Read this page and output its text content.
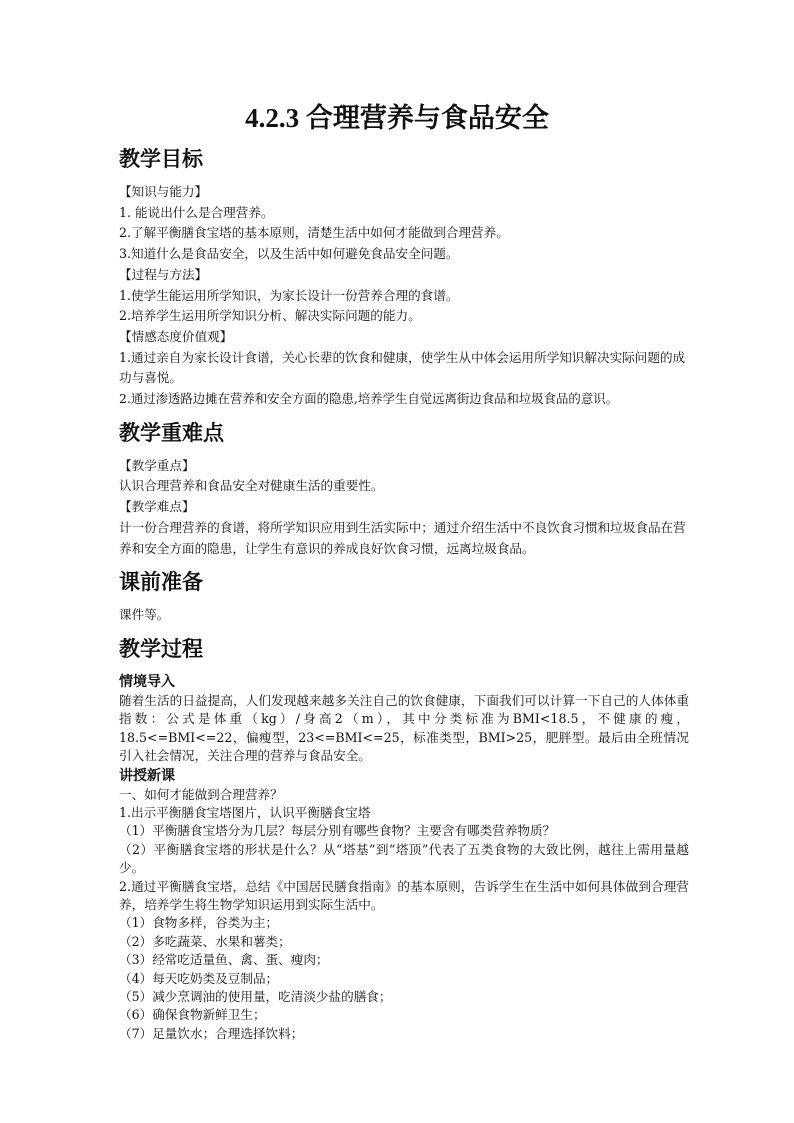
4.2.3 合理营养与食品安全
教学目标

【知识与能力】

1. 能说出什么是合理营养。

2.了解平衡膳食宝塔的基本原则，清楚生活中如何才能做到合理营养。

3.知道什么是食品安全，以及生活中如何避免食品安全问题。

【过程与方法】

1.使学生能运用所学知识，为家长设计一份营养合理的食谱。

2.培养学生运用所学知识分析、解决实际问题的能力。

【情感态度价值观】

1.通过亲自为家长设计食谱，关心长辈的饮食和健康，使学生从中体会运用所学知识解决实际问题的成功与喜悦。

2.通过渗透路边摊在营养和安全方面的隐患,培养学生自觉远离街边食品和垃圾食品的意识。

教学重难点

【教学重点】

认识合理营养和食品安全对健康生活的重要性。

【教学难点】

计一份合理营养的食谱，将所学知识应用到生活实际中；通过介绍生活中不良饮食习惯和垃圾食品在营养和安全方面的隐患，让学生有意识的养成良好饮食习惯，远离垃圾食品。

课前准备

课件等。

教学过程

情境导入

随着生活的日益提高，人们发现越来越多关注自己的饮食健康，下面我们可以计算一下自己的人体体重指数：公式是体重（kg）/身高2（m），其中分类标准为BMI<18.5，不健康的瘦，18.5<=BMI<=22，偏瘦型，23<=BMI<=25，标准类型，BMI>25，肥胖型。最后由全班情况引入社会情况，关注合理的营养与食品安全。

讲授新课

一、如何才能做到合理营养？

1.出示平衡膳食宝塔图片，认识平衡膳食宝塔

（1）平衡膳食宝塔分为几层？每层分别有哪些食物？主要含有哪类营养物质？

（2）平衡膳食宝塔的形状是什么？从“塔基”到“塔顶”代表了五类食物的大致比例，越往上需用量越少。

2.通过平衡膳食宝塔，总结《中国居民膳食指南》的基本原则，告诉学生在生活中如何具体做到合理营养，培养学生将生物学知识运用到实际生活中。

（1）食物多样，谷类为主；

（2）多吃蔬菜、水果和薯类；

（3）经常吃适量鱼、禽、蛋、瘦肉；

（4）每天吃奶类及豆制品；

（5）减少烹调油的使用量，吃清淡少盐的膳食；

（6）确保食物新鲜卫生；

（7）足量饮水；合理选择饮料；
